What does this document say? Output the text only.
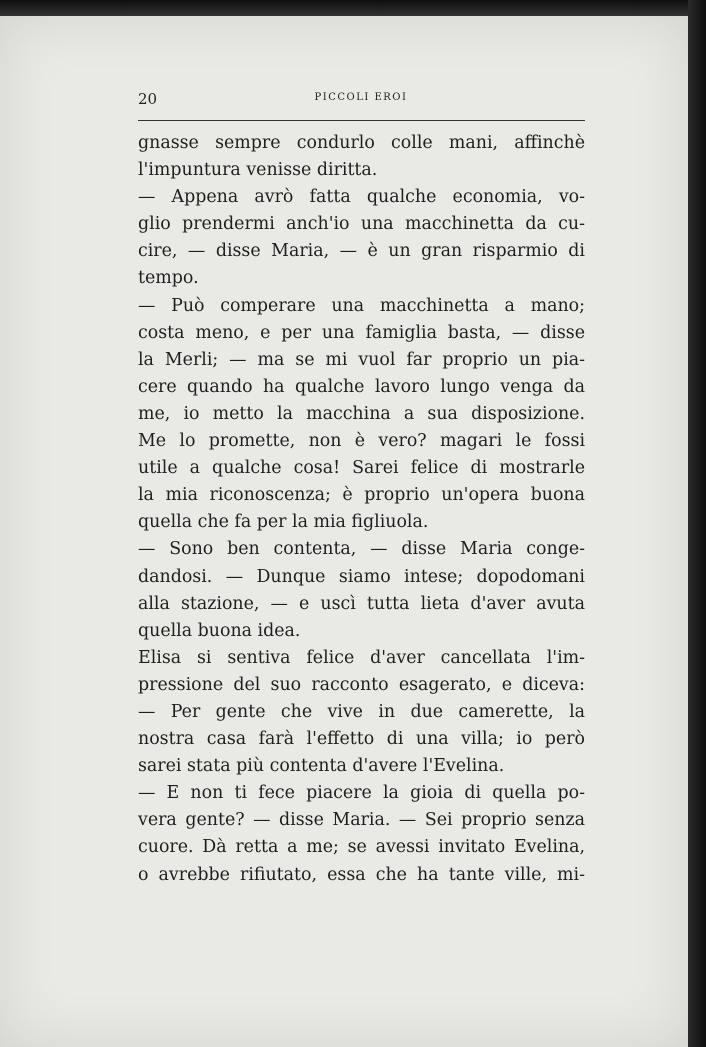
20	PICCOLI EROI
gnasse sempre condurlo colle mani, affinchè
l'impuntura venisse diritta.
— Appena avrò fatta qualche economia, vo-
glio prendermi anch'io una macchinetta da cu-
cire, — disse Maria, — è un gran risparmio di
tempo.
— Può comperare una macchinetta a mano;
costa meno, e per una famiglia basta, — disse
la Merli; — ma se mi vuol far proprio un pia-
cere quando ha qualche lavoro lungo venga da
me, io metto la macchina a sua disposizione.
Me lo promette, non è vero? magari le fossi
utile a qualche cosa! Sarei felice di mostrarle
la mia riconoscenza; è proprio un'opera buona
quella che fa per la mia figliuola.
— Sono ben contenta, — disse Maria conge-
dandosi. — Dunque siamo intese; dopodomani
alla stazione, — e uscì tutta lieta d'aver avuta
quella buona idea.
Elisa si sentiva felice d'aver cancellata l'im-
pressione del suo racconto esagerato, e diceva:
— Per gente che vive in due camerette, la
nostra casa farà l'effetto di una villa; io però
sarei stata più contenta d'avere l'Evelina.
— E non ti fece piacere la gioia di quella po-
vera gente? — disse Maria. — Sei proprio senza
cuore. Dà retta a me; se avessi invitato Evelina,
o avrebbe rifiutato, essa che ha tante ville, mi-
